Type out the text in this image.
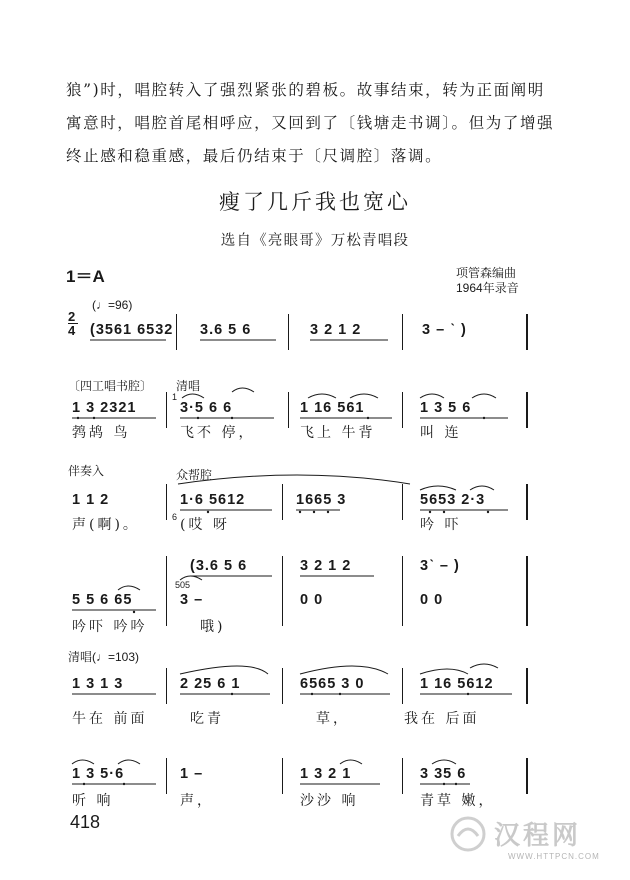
狼”)时，唱腔转入了强烈紧张的碧板。故事结束，转为正面阐明
寓意时，唱腔首尾相呼应，又回到了〔钱塘走书调〕。但为了增强
终止感和稳重感，最后仍结束于〔尺调腔〕落调。
瘦了几斤我也宽心
选自《亮眼哥》万松青唱段
1＝A	项管森编曲
1964年录音
(♩=96)
2
4
〔四工唱书腔〕 清唱
伴奏入	众帮腔
505
清唱(♩=103)
1
6
(3561 6532 3.6 5 6	3 2 1 2	3 – ˋ )
1 3 2321	3·5 6 6	1 16 561	1 3 5 6
鹁鸪 鸟	飞不 停，	飞上 牛背	叫 连
1 1 2	1·6 5612	1665 3	5653 2·3
声(啊)。	(哎 呀	吟 吓
(3.6 5 6	3 2 1 2	3ˋ – )
5 5 6 65	3 –	0 0	0 0
吟吓 吟吟	哦)
1 3 1 3	2 25 6 1	6565 3 0	1 16 5612
牛在 前面	吃青	草，	我在 后面
1 3 5·6	1 –	1 3 2 1	3 35 6
听 响	声，	沙沙 响	青草 嫩，
418	汉程网
WWW.HTTPCN.COM
